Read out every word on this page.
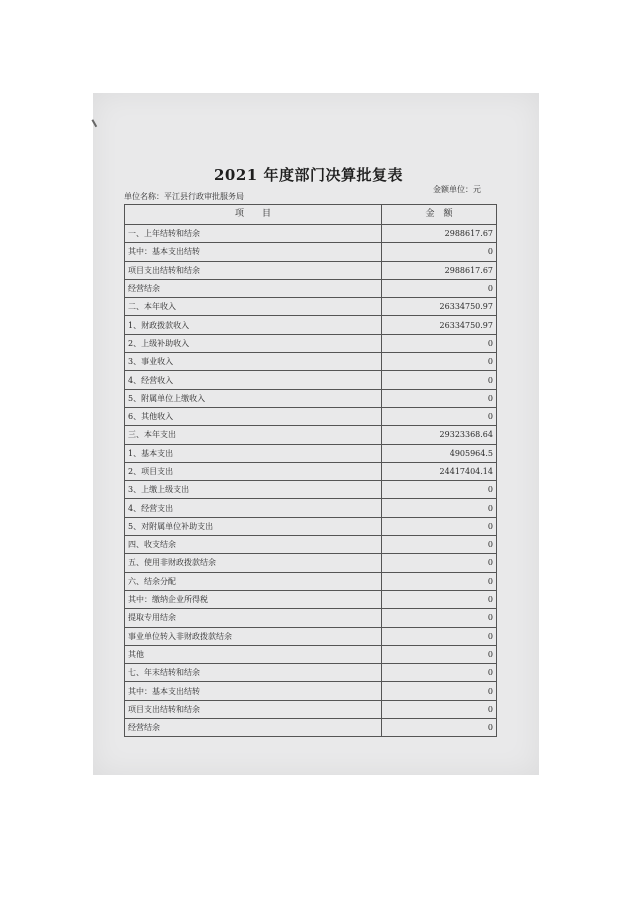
2021 年度部门决算批复表
单位名称：平江县行政审批服务局
金额单位：元
项　　目	金　额
一、上年结转和结余	2988617.67
其中：基本支出结转	0
项目支出结转和结余	2988617.67
经营结余	0
二、本年收入	26334750.97
1、财政拨款收入	26334750.97
2、上级补助收入	0
3、事业收入	0
4、经营收入	0
5、附属单位上缴收入	0
6、其他收入	0
三、本年支出	29323368.64
1、基本支出	4905964.5
2、项目支出	24417404.14
3、上缴上级支出	0
4、经营支出	0
5、对附属单位补助支出	0
四、收支结余	0
五、使用非财政拨款结余	0
六、结余分配	0
其中：缴纳企业所得税	0
提取专用结余	0
事业单位转入非财政拨款结余	0
其他	0
七、年末结转和结余	0
其中：基本支出结转	0
项目支出结转和结余	0
经营结余	0
